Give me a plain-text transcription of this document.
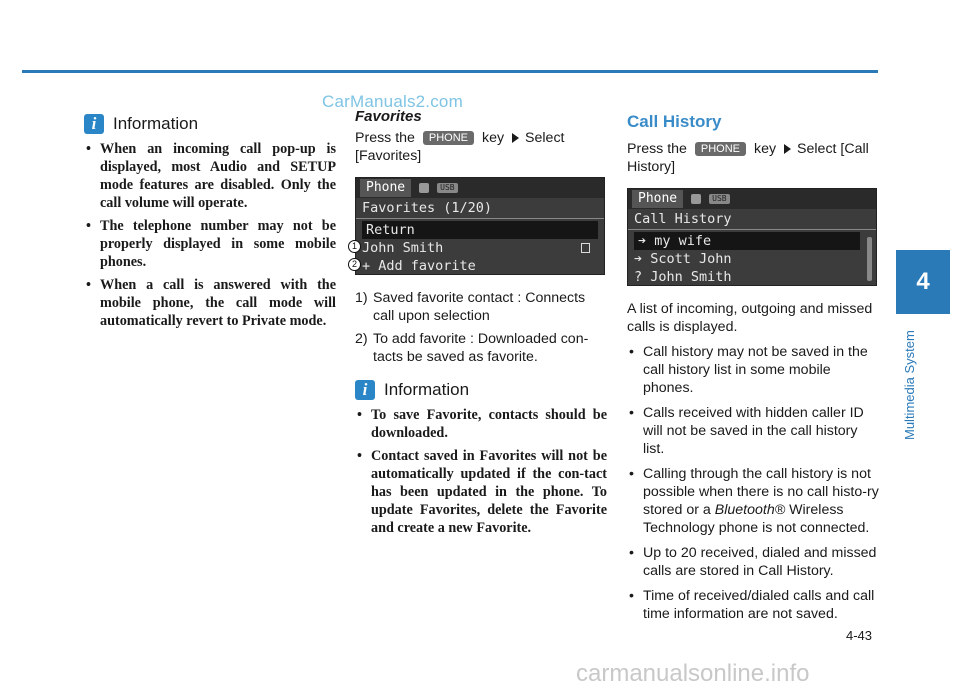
CarManuals2.com
i Information
• When an incoming call pop-up is displayed, most Audio and SETUP mode features are disabled. Only the call volume will operate.
• The telephone number may not be properly displayed in some mobile phones.
• When a call is answered with the mobile phone, the call mode will automatically revert to Private mode.
Favorites
Press the PHONE key Select [Favorites]
Phone	USB
Favorites (1/20)
Return
John Smith
+ Add favorite
1
2
1) Saved favorite contact : Connects call upon selection
2) To add favorite : Downloaded con-tacts be saved as favorite.
i Information
• To save Favorite, contacts should be downloaded.
• Contact saved in Favorites will not be automatically updated if the con-tact has been updated in the phone. To update Favorites, delete the Favorite and create a new Favorite.
Call History
Press the PHONE key Select [Call History]
Phone	USB
Call History
➔ my wife
➔ Scott John
? John Smith
A list of incoming, outgoing and missed calls is displayed.
• Call history may not be saved in the call history list in some mobile phones.
• Calls received with hidden caller ID will not be saved in the call history list.
• Calling through the call history is not possible when there is no call histo-ry stored or a Bluetooth® Wireless Technology phone is not connected.
• Up to 20 received, dialed and missed calls are stored in Call History.
• Time of received/dialed calls and call time information are not saved.
4
Multimedia System
4-43
carmanualsonline.info
